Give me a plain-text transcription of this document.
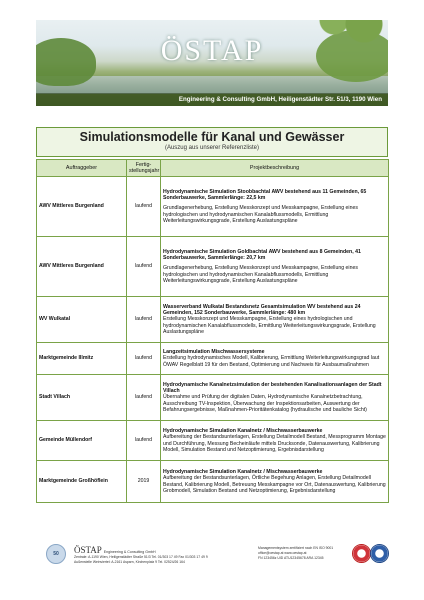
ÖSTAP
Engineering & Consulting GmbH, Heiligenstädter Str. 51/3, 1190 Wien
Simulationsmodelle für Kanal und Gewässer
(Auszug aus unserer Referenzliste)
Auftraggeber	Fertig-stellungsjahr	Projektbeschreibung
AWV Mittleres Burgenland	laufend	Hydrodynamische Simulation Stoobbachtal AWV bestehend aus 11 Gemeinden, 65 Sonderbauwerke, Sammlerlänge: 22,5 km
Grundlagenerhebung, Erstellung Messkonzept und Messkampagne, Erstellung eines hydrologischen und hydrodynamischen Kanalabflussmodells, Ermittlung Weiterleitungswirkungsgrade, Erstellung Auslastungspläne

AWV Mittleres Burgenland	laufend	Hydrodynamische Simulation Goldbachtal AWV bestehend aus 8 Gemeinden, 41 Sonderbauwerke, Sammlerlänge: 20,7 km
Grundlagenerhebung, Erstellung Messkonzept und Messkampagne, Erstellung eines hydrologischen und hydrodynamischen Kanalabflussmodells, Ermittlung Weiterleitungswirkungsgrade, Erstellung Auslastungspläne

WV Wulkatal	laufend	Wasserverband Wulkatal Bestandsnetz Gesamtsimulation WV bestehend aus 24 Gemeinden, 152 Sonderbauwerke, Sammlerlänge: 480 km
Erstellung Messkonzept und Messkampagne, Erstellung eines hydrologischen und hydrodynamischen Kanalabflussmodells, Ermittlung Weiterleitungswirkungsgrade, Erstellung Auslastungspläne

Marktgemeinde Illmitz	laufend	Langzeitsimulation Mischwassersysteme
Erstellung hydrodynamisches Modell, Kalibrierung, Ermittlung Weiterleitungswirkungsgrad laut ÖWAV Regelblatt 19 für den Bestand, Optimierung und Nachweis für Ausbaumaßnahmen

Stadt Villach	laufend	Hydrodynamische Kanalnetzsimulation der bestehenden Kanalisationsanlagen der Stadt Villach
Übernahme und Prüfung der digitalen Daten, Hydrodynamische Kanalnetzbetrachtung, Ausschreibung TV-Inspektion, Überwachung der Inspektionsarbeiten, Auswertung der Befahrungsergebnisse, Maßnahmen-Prioritätenkatalog (hydraulische und bauliche Sicht)

Gemeinde Müllendorf	laufend	Hydrodynamische Simulation Kanalnetz / Mischwasserbauwerke
Aufbereitung der Bestandsunterlagen, Erstellung Detailmodell Bestand, Messprogramm Montage und Durchführung, Messung Becheinläufe mittels Drucksonde, Datenauswertung, Kalibrierung Modell, Simulation Bestand und Netzoptimierung, Ergebnisdarstellung

Marktgemeinde Großhöflein	2019	Hydrodynamische Simulation Kanalnetz / Mischwasserbauwerke
Aufbereitung der Bestandsunterlagen, Örtliche Begehung Anlagen, Erstellung Detailmodell Bestand, Kalibrierung Modell, Betreuung Messkampagne vor Ort, Datenauswertung, Kalibrierung Grobmodell, Simulation Bestand und Netzoptimierung, Ergebnisdarstellung
50	ÖSTAP Engineering & Consulting GmbH
Zentrale: A-1190 Wien, Heiligenstädter Straße 51/3 Tel. 01/303 17 49 Fax 01/303 17 49 9
Außenstelle Weinviertel: A-2161 Asparn, Kirchenplatz 9 Tel. 02524/26 164
Managementsystem zertifiziert nach EN ISO 9001
office@oestap.at www.oestap.at
FN 123456z UID ATU12345678 ARA 12345
